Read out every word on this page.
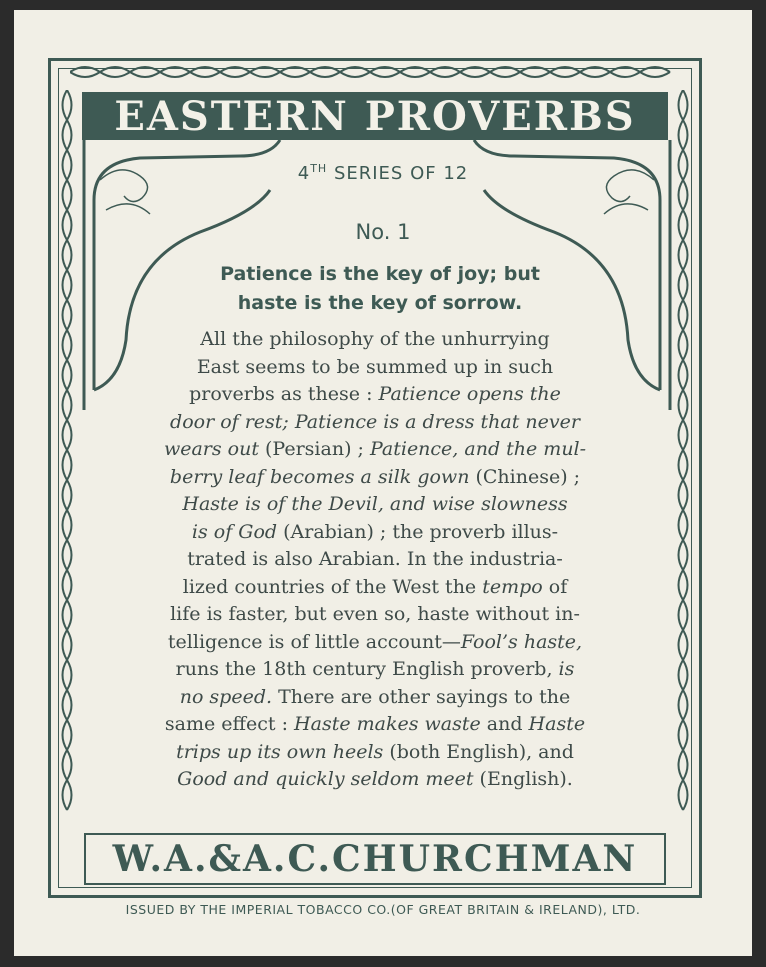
EASTERN PROVERBS
4TH SERIES OF 12
No. 1
Patience is the key of joy; but
haste is the key of sorrow.

All the philosophy of the unhurrying

East seems to be summed up in such

proverbs as these : Patience opens the

door of rest; Patience is a dress that never

wears out (Persian) ; Patience, and the mul-

berry leaf becomes a silk gown (Chinese) ;

Haste is of the Devil, and wise slowness

is of God (Arabian) ; the proverb illus-

trated is also Arabian. In the industria-

lized countries of the West the tempo of

life is faster, but even so, haste without in-

telligence is of little account—Fool’s haste,

runs the 18th century English proverb, is

no speed. There are other sayings to the

same effect : Haste makes waste and Haste

trips up its own heels (both English), and

Good and quickly seldom meet (English).

W.A.&A.C.CHURCHMAN
ISSUED BY THE IMPERIAL TOBACCO CO.(OF GREAT BRITAIN & IRELAND), LTD.
